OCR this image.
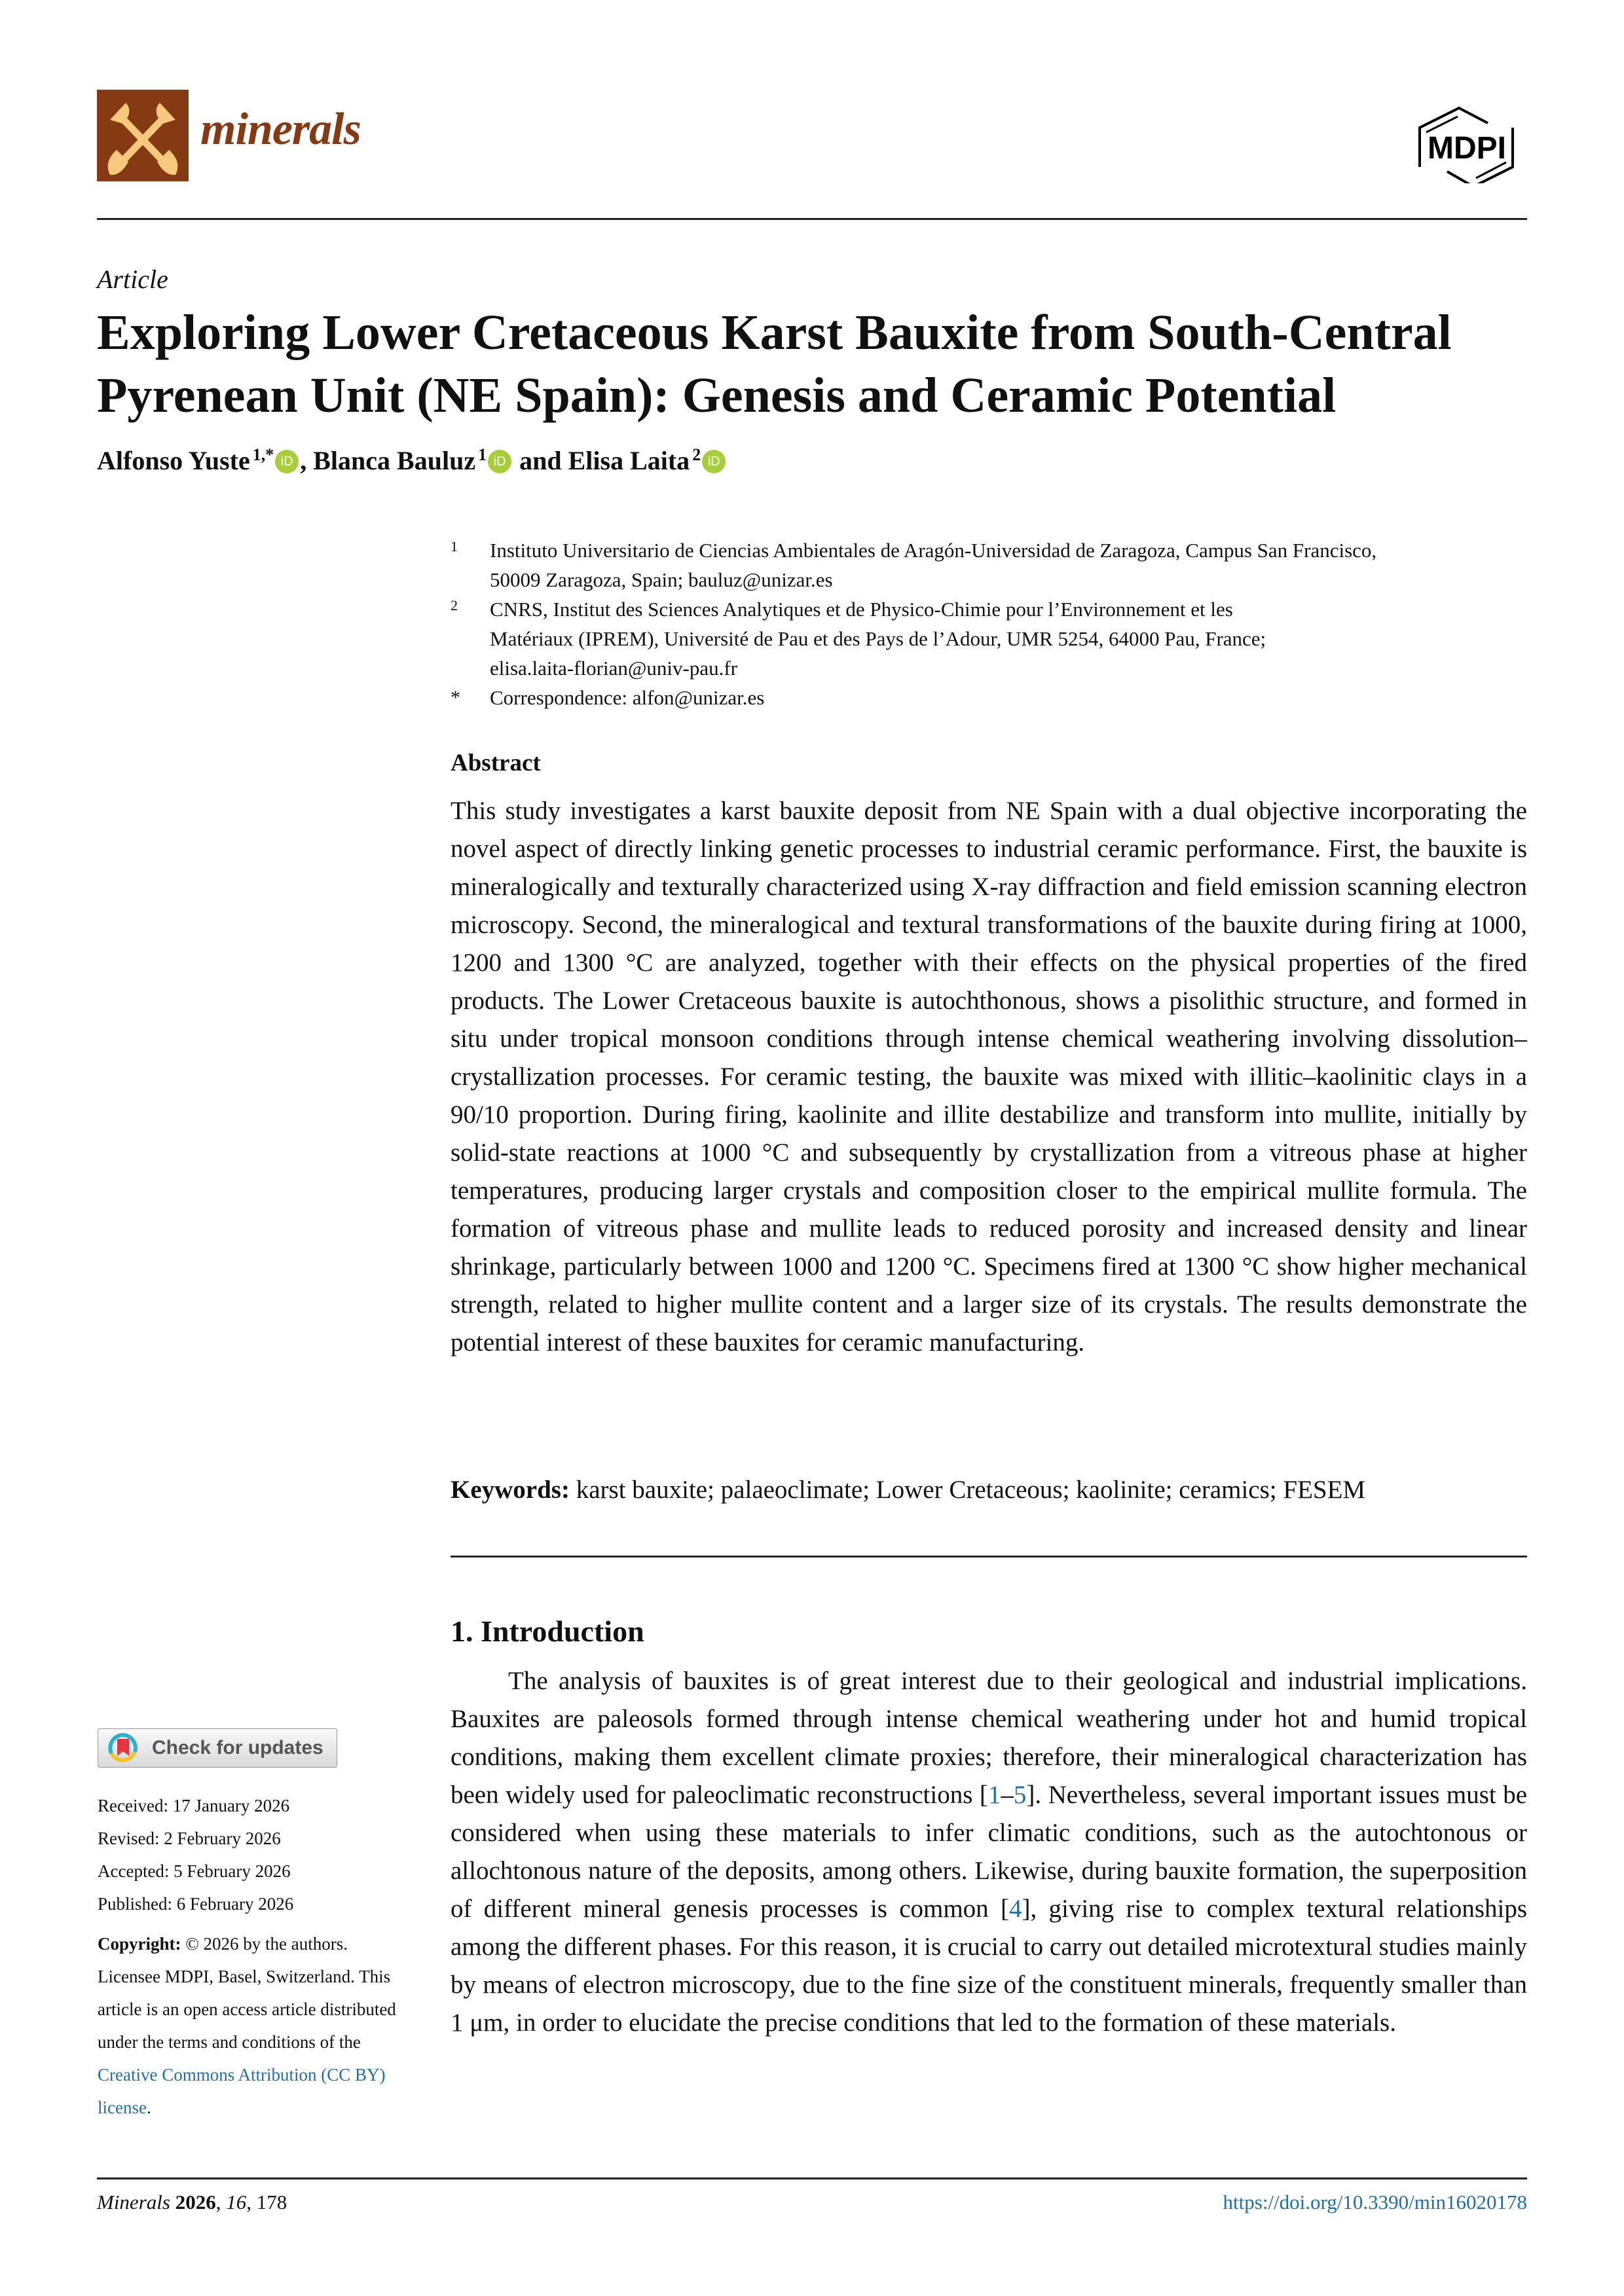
minerals	MDPI
Article
Exploring Lower Cretaceous Karst Bauxite from South-Central Pyrenean Unit (NE Spain): Genesis and Ceramic Potential
Alfonso Yuste $^{1,*}$ iD , Blanca Bauluz $^1$ iD and Elisa Laita $^2$ iD
1	Instituto Universitario de Ciencias Ambientales de Aragón-Universidad de Zaragoza, Campus San Francisco,
50009 Zaragoza, Spain; bauluz@unizar.es
2	CNRS, Institut des Sciences Analytiques et de Physico-Chimie pour l’Environnement et les
Matériaux (IPREM), Université de Pau et des Pays de l’Adour, UMR 5254, 64000 Pau, France;
elisa.laita-florian@univ-pau.fr
*	Correspondence: alfon@unizar.es
Abstract
This study investigates a karst bauxite deposit from NE Spain with a dual objective incorporating the novel aspect of directly linking genetic processes to industrial ceramic performance. First, the bauxite is mineralogically and texturally characterized using X-ray diffraction and field emission scanning electron microscopy. Second, the mineralogical and textural transformations of the bauxite during firing at 1000, 1200 and 1300 °C are analyzed, together with their effects on the physical properties of the fired products. The Lower Cretaceous bauxite is autochthonous, shows a pisolithic structure, and formed in situ under tropical monsoon conditions through intense chemical weathering involving dissolution–crystallization processes. For ceramic testing, the bauxite was mixed with illitic–kaolinitic clays in a 90/10 proportion. During firing, kaolinite and illite destabilize and transform into mullite, initially by solid-state reactions at 1000 °C and subsequently by crystallization from a vitreous phase at higher temperatures, producing larger crystals and composition closer to the empirical mullite formula. The formation of vitreous phase and mullite leads to reduced porosity and increased density and linear shrinkage, particularly between 1000 and 1200 °C. Specimens fired at 1300 °C show higher mechanical strength, related to higher mullite content and a larger size of its crystals. The results demonstrate the potential interest of these bauxites for ceramic manufacturing.
Keywords: karst bauxite; palaeoclimate; Lower Cretaceous; kaolinite; ceramics; FESEM
1. Introduction
The analysis of bauxites is of great interest due to their geological and industrial implications. Bauxites are paleosols formed through intense chemical weathering under hot and humid tropical conditions, making them excellent climate proxies; therefore, their mineralogical characterization has been widely used for paleoclimatic reconstructions [1–5]. Nevertheless, several important issues must be considered when using these materials to infer climatic conditions, such as the autochtonous or allochtonous nature of the deposits, among others. Likewise, during bauxite formation, the superposition of different mineral genesis processes is common [4], giving rise to complex textural relationships among the different phases. For this reason, it is crucial to carry out detailed microtextural studies mainly by means of electron microscopy, due to the fine size of the constituent minerals, frequently smaller than 1 μm, in order to elucidate the precise conditions that led to the formation of these materials.
Check for updates
Received: 17 January 2026
Revised: 2 February 2026
Accepted: 5 February 2026
Published: 6 February 2026
Copyright: © 2026 by the authors. Licensee MDPI, Basel, Switzerland. This article is an open access article distributed under the terms and conditions of the Creative Commons Attribution (CC BY) license.
Minerals 2026, 16, 178	https://doi.org/10.3390/min16020178
